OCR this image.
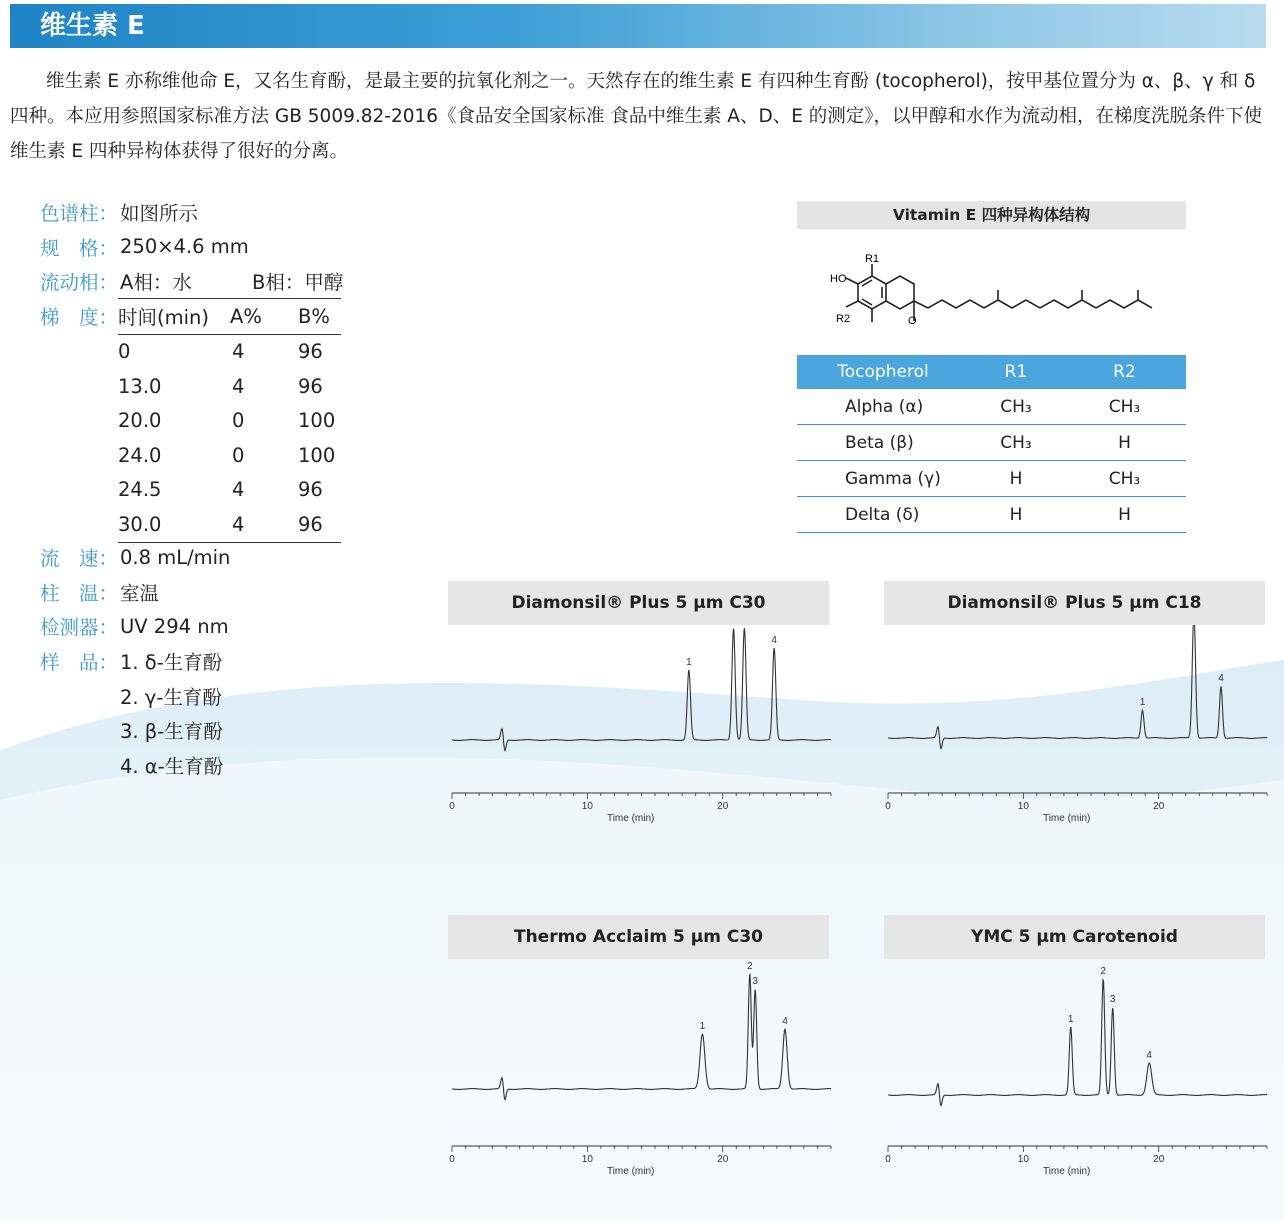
维生素 E

维生素 E 亦称维他命 E，又名生育酚，是最主要的抗氧化剂之一。天然存在的维生素 E 有四种生育酚 (tocopherol)，按甲基位置分为 α、β、γ 和 δ 四种。本应用参照国家标准方法 GB 5009.82-2016《食品安全国家标准 食品中维生素 A、D、E 的测定》，以甲醇和水作为流动相，在梯度洗脱条件下使维生素 E 四种异构体获得了很好的分离。

色谱柱： 如图所示
规　格： 250×4.6 mm
流动相： A相：水	B相：甲醇
梯　度： 时间(min)	A%	B%
0	4	96
13.0	4	96
20.0	0	100
24.0	0	100
24.5	4	96
30.0	4	96
流　速： 0.8 mL/min
柱　温： 室温
检测器： UV 294 nm
样　品： 1. δ-生育酚
2. γ-生育酚
3. β-生育酚
4. α-生育酚
Vitamin E 四种异构体结构
R1
HO
R2	O
Tocopherol	R1	R2
Alpha (α)	CH₃	CH₃
Beta (β)	CH₃	H
Gamma (γ)	H	CH₃
Delta (δ)	H	H
Diamonsil® Plus 5 μm C30
1
4
0	10	20
Time (min)
Diamonsil® Plus 5 μm C18
1
4
0	10	20
Time (min)
Thermo Acclaim 5 μm C30
1
2
3
4
0	10	20
Time (min)
YMC 5 μm Carotenoid
1
2
3
4
0	10	20
Time (min)
